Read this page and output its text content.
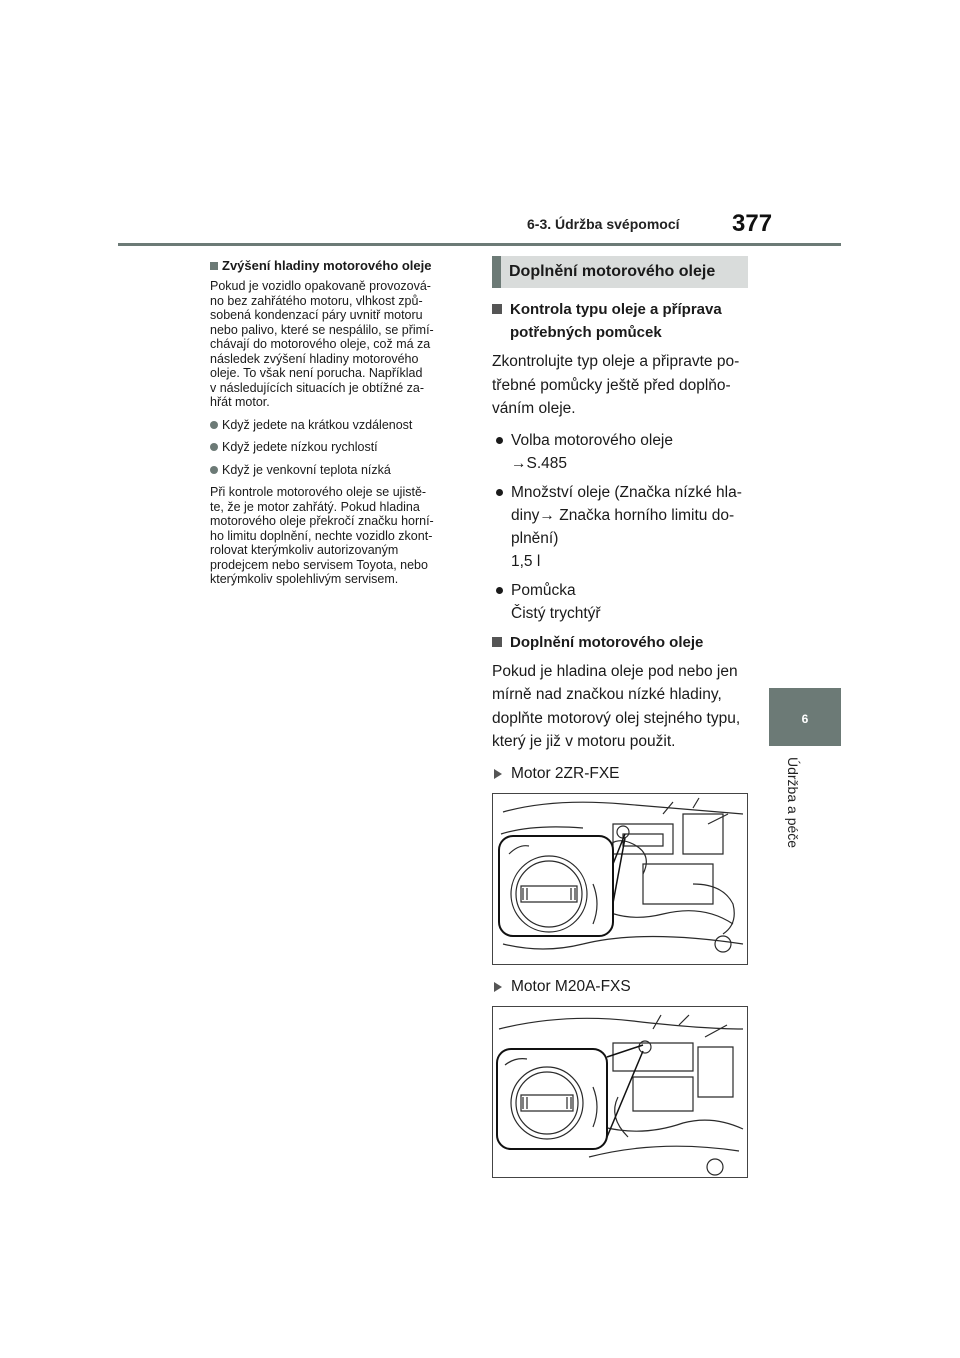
6-3. Údržba svépomocí 377
6
Údržba a péče
Zvýšení hladiny motorového oleje
Pokud je vozidlo opakovaně provozová-
no bez zahřátého motoru, vlhkost způ-
sobená kondenzací páry uvnitř motoru
nebo palivo, které se nespálilo, se přimí-
chávají do motorového oleje, což má za
následek zvýšení hladiny motorového
oleje. To však není porucha. Například
v následujících situacích je obtížné za-
hřát motor.
Když jedete na krátkou vzdálenost
Když jedete nízkou rychlostí
Když je venkovní teplota nízká
Při kontrole motorového oleje se ujistě-
te, že je motor zahřátý. Pokud hladina
motorového oleje překročí značku horní-
ho limitu doplnění, nechte vozidlo zkont-
rolovat kterýmkoliv autorizovaným
prodejcem nebo servisem Toyota, nebo
kterýmkoliv spolehlivým servisem.
Doplnění motorového oleje
Kontrola typu oleje a příprava
potřebných pomůcek
Zkontrolujte typ oleje a připravte po-
třebné pomůcky ještě před doplňo-
váním oleje.
Volba motorového oleje
→S.485
Množství oleje (Značka nízké hla-
diny→ Značka horního limitu do-
plnění)
1,5 l
Pomůcka
Čistý trychtýř
Doplnění motorového oleje
Pokud je hladina oleje pod nebo jen
mírně nad značkou nízké hladiny,
doplňte motorový olej stejného typu,
který je již v motoru použit.
Motor 2ZR-FXE
Motor M20A-FXS
